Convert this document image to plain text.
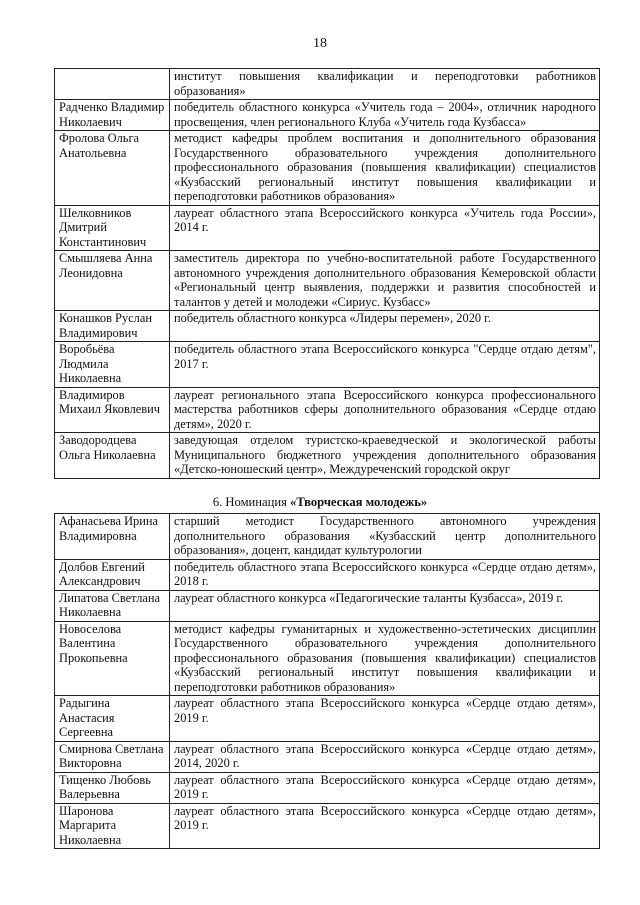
18
	институт повышения квалификации и переподготовки работников образования»
Радченко Владимир Николаевич	победитель областного конкурса «Учитель года – 2004», отличник народного просвещения, член регионального Клуба «Учитель года Кузбасса»
Фролова Ольга Анатольевна	методист кафедры проблем воспитания и дополнительного образования Государственного образовательного учреждения дополнительного профессионального образования (повышения квалификации) специалистов «Кузбасский региональный институт повышения квалификации и переподготовки работников образования»
Шелковников Дмитрий Константинович	лауреат областного этапа Всероссийского конкурса «Учитель года России», 2014 г.
Смышляева Анна Леонидовна	заместитель директора по учебно-воспитательной работе Государственного автономного учреждения дополнительного образования Кемеровской области «Региональный центр выявления, поддержки и развития способностей и талантов у детей и молодежи «Сириус. Кузбасс»
Конашков Руслан Владимирович	победитель областного конкурса «Лидеры перемен», 2020 г.
Воробьёва Людмила Николаевна	победитель областного этапа Всероссийского конкурса "Сердце отдаю детям", 2017 г.
Владимиров Михаил Яковлевич	лауреат регионального этапа Всероссийского конкурса профессионального мастерства работников сферы дополнительного образования «Сердце отдаю детям», 2020 г.
Заводородцева Ольга Николаевна	заведующая отделом туристско-краеведческой и экологической работы Муниципального бюджетного учреждения дополнительного образования «Детско-юношеский центр», Междуреченский городской округ
6. Номинация «Творческая молодежь»
Афанасьева Ирина Владимировна	старший методист Государственного автономного учреждения дополнительного образования «Кузбасский центр дополнительного образования», доцент, кандидат культурологии
Долбов Евгений Александрович	победитель областного этапа Всероссийского конкурса «Сердце отдаю детям», 2018 г.
Липатова Светлана Николаевна	лауреат областного конкурса «Педагогические таланты Кузбасса», 2019 г.
Новоселова Валентина Прокопьевна	методист кафедры гуманитарных и художественно-эстетических дисциплин Государственного образовательного учреждения дополнительного профессионального образования (повышения квалификации) специалистов «Кузбасский региональный институт повышения квалификации и переподготовки работников образования»
Радыгина Анастасия Сергеевна	лауреат областного этапа Всероссийского конкурса «Сердце отдаю детям», 2019 г.
Смирнова Светлана Викторовна	лауреат областного этапа Всероссийского конкурса «Сердце отдаю детям», 2014, 2020 г.
Тищенко Любовь Валерьевна	лауреат областного этапа Всероссийского конкурса «Сердце отдаю детям», 2019 г.
Шаронова Маргарита Николаевна	лауреат областного этапа Всероссийского конкурса «Сердце отдаю детям», 2019 г.
